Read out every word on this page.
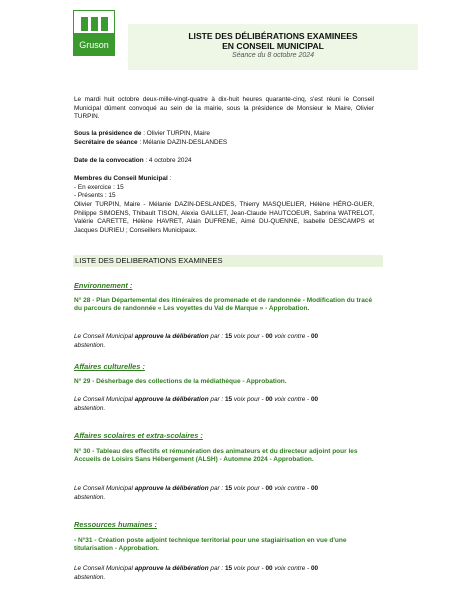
Gruson
LISTE DES DÉLIBÉRATIONS EXAMINEES
EN CONSEIL MUNICIPAL
Séance du 8 octobre 2024
Le mardi huit octobre deux-mille-vingt-quatre à dix-huit heures quarante-cinq, s'est réuni le Conseil Municipal dûment convoqué au sein de la mairie, sous la présidence de Monsieur le Maire, Olivier TURPIN.
Sous la présidence de : Olivier TURPIN, Maire
Secrétaire de séance : Mélanie DAZIN-DESLANDES
Date de la convocation : 4 octobre 2024
Membres du Conseil Municipal :
- En exercice : 15
- Présents : 15
Olivier TURPIN, Maire - Mélanie DAZIN-DESLANDES, Thierry MASQUELIER, Hélène HÉRO-GUER, Philippe SIMOENS, Thibault TISON, Alexia GAILLET, Jean-Claude HAUTCOEUR, Sabrina WATRELOT, Valérie CARETTE, Hélène HAVRET, Alain DUFRENE, Aimé DU-QUENNE, Isabelle DESCAMPS et Jacques DURIEU ; Conseillers Municipaux.
LISTE DES DELIBERATIONS EXAMINEES
Environnement :
N° 28 - Plan Départemental des itinéraires de promenade et de randonnée - Modification du tracé du parcours de randonnée « Les voyettes du Val de Marque » - Approbation.
Le Conseil Municipal approuve la délibération par : 15 voix pour - 00 voix contre - 00
abstention.
Affaires culturelles :
N° 29 - Désherbage des collections de la médiathèque - Approbation.
Le Conseil Municipal approuve la délibération par : 15 voix pour - 00 voix contre - 00
abstention.
Affaires scolaires et extra-scolaires :
N° 30 - Tableau des effectifs et rémunération des animateurs et du directeur adjoint pour les Accueils de Loisirs Sans Hébergement (ALSH) - Automne 2024 - Approbation.
Le Conseil Municipal approuve la délibération par : 15 voix pour - 00 voix contre - 00
abstention.
Ressources humaines :
- N°31 - Création poste adjoint technique territorial pour une stagiairisation en vue d'une titularisation - Approbation.
Le Conseil Municipal approuve la délibération par : 15 voix pour - 00 voix contre - 00
abstention.
